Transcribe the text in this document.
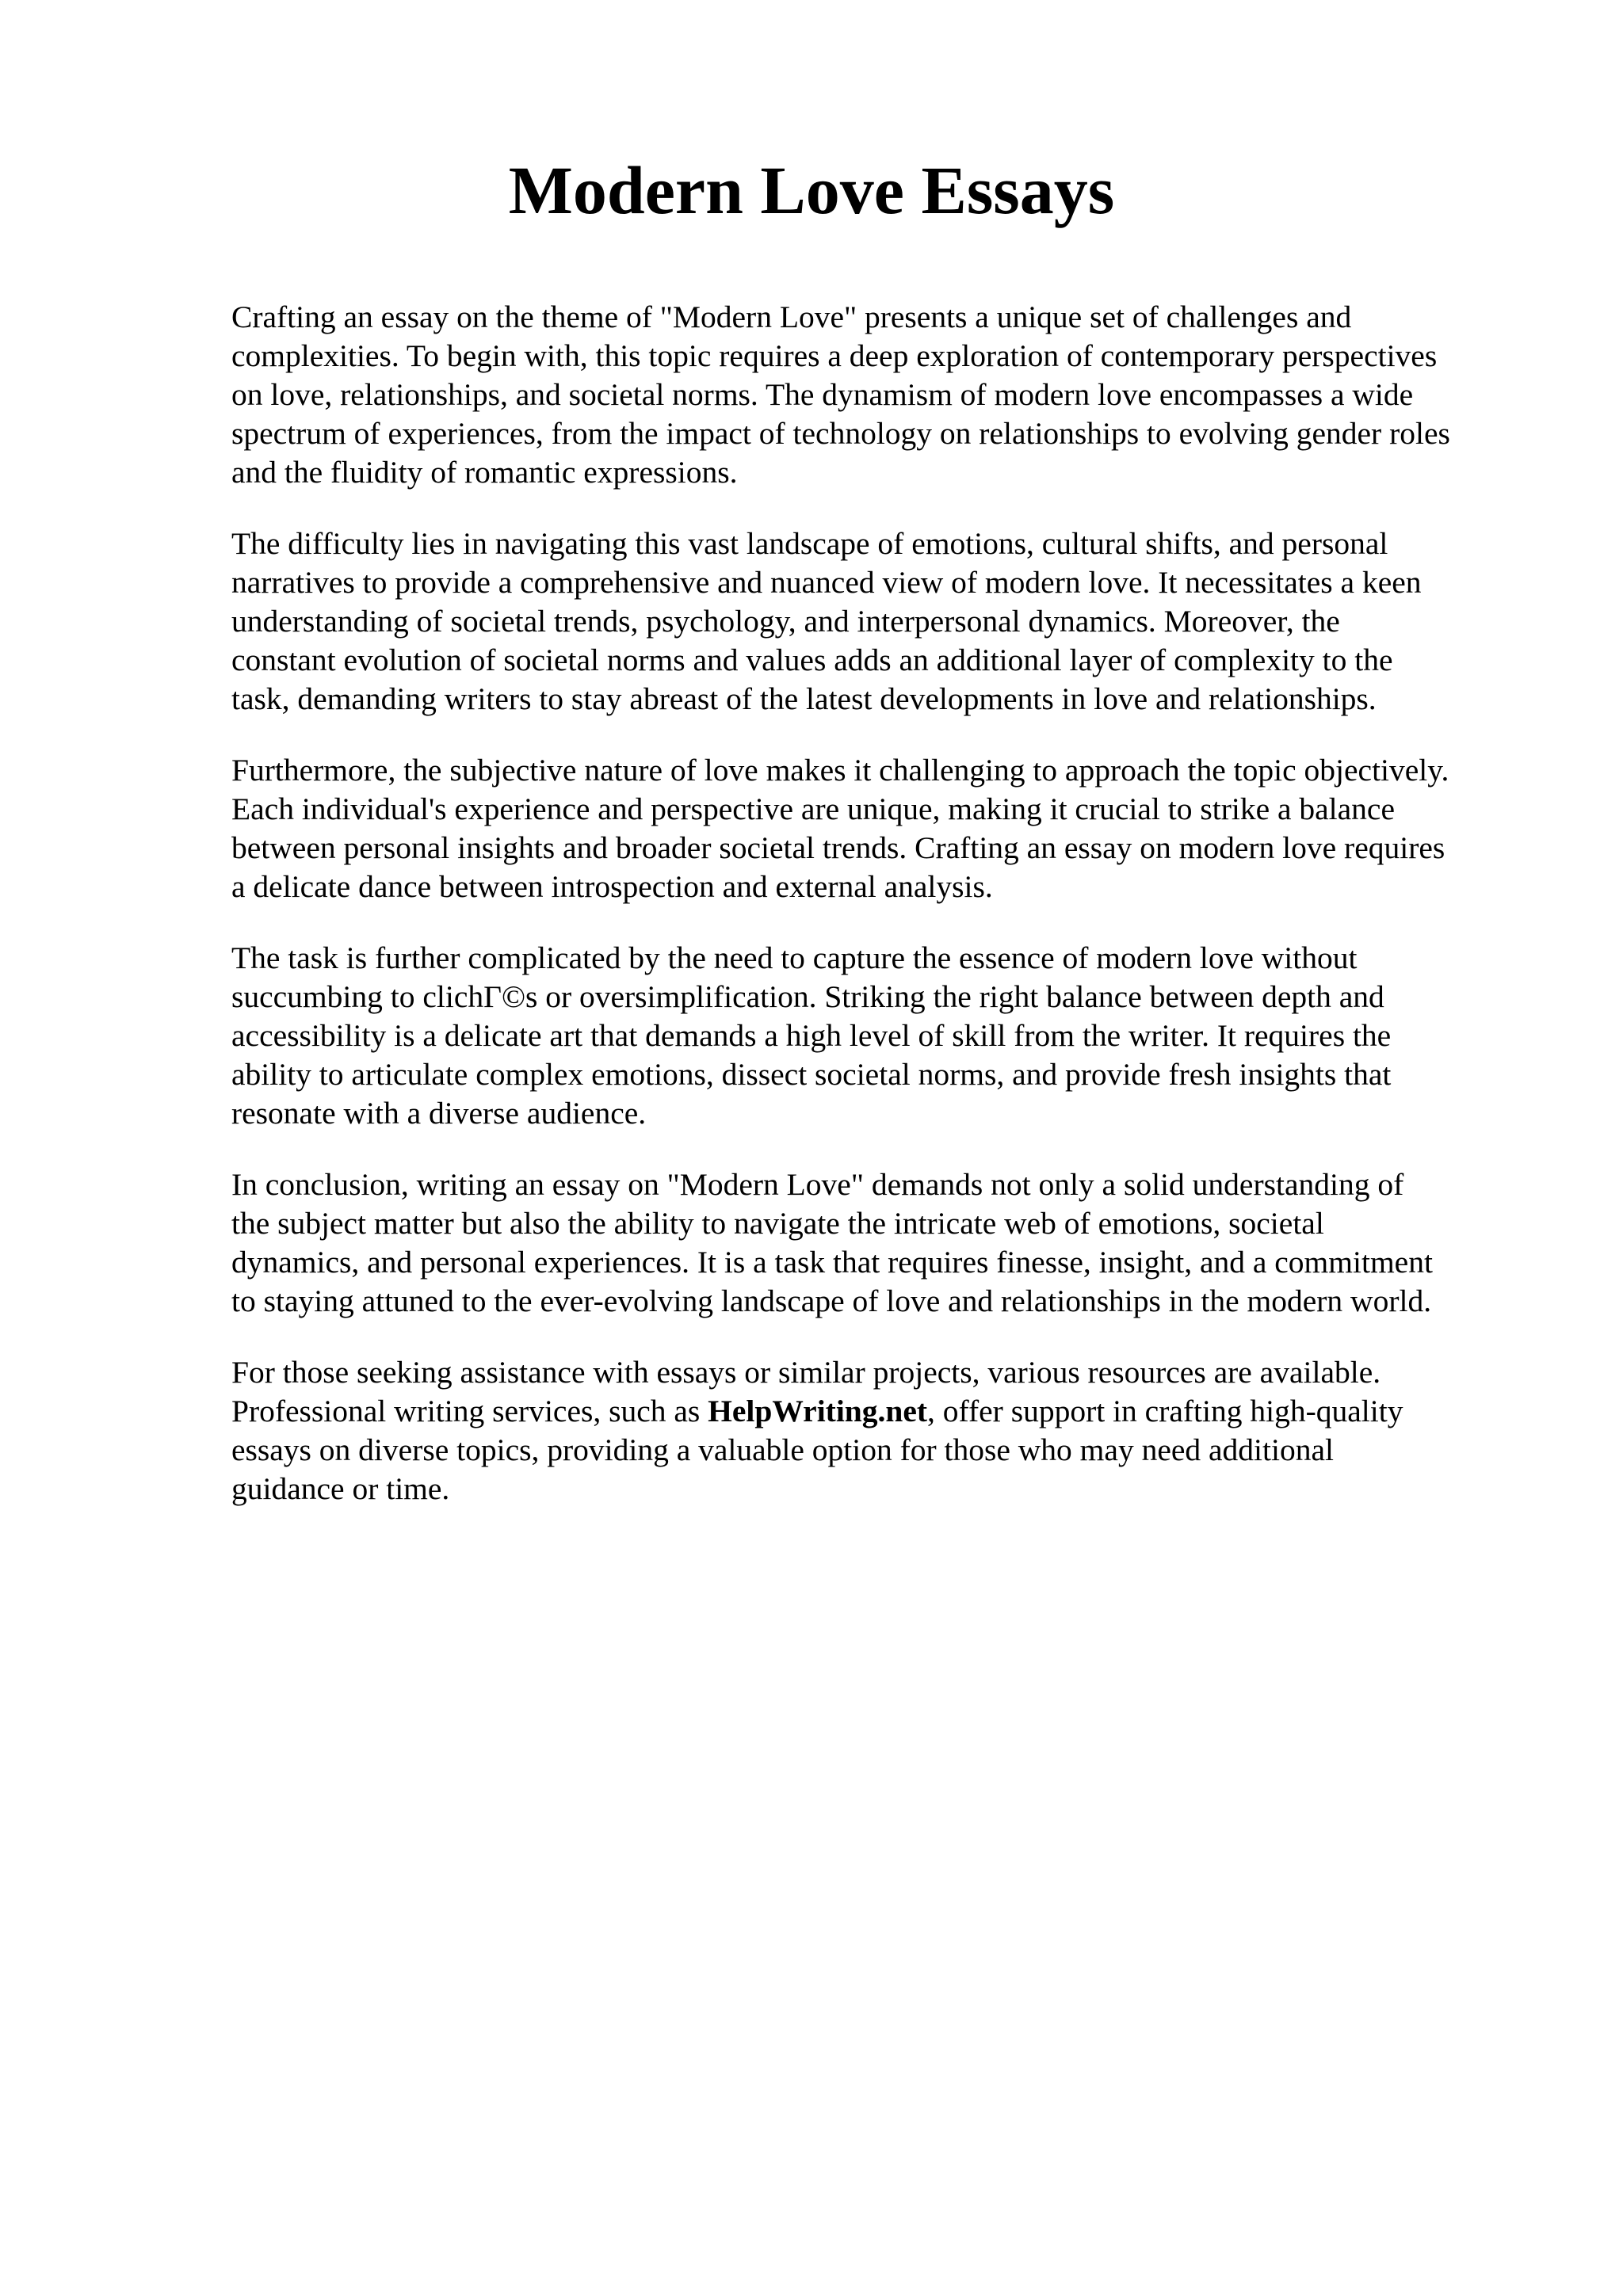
Modern Love Essays

Crafting an essay on the theme of "Modern Love" presents a unique set of challenges and
complexities. To begin with, this topic requires a deep exploration of contemporary perspectives
on love, relationships, and societal norms. The dynamism of modern love encompasses a wide
spectrum of experiences, from the impact of technology on relationships to evolving gender roles
and the fluidity of romantic expressions.

The difficulty lies in navigating this vast landscape of emotions, cultural shifts, and personal
narratives to provide a comprehensive and nuanced view of modern love. It necessitates a keen
understanding of societal trends, psychology, and interpersonal dynamics. Moreover, the
constant evolution of societal norms and values adds an additional layer of complexity to the
task, demanding writers to stay abreast of the latest developments in love and relationships.

Furthermore, the subjective nature of love makes it challenging to approach the topic objectively.
Each individual's experience and perspective are unique, making it crucial to strike a balance
between personal insights and broader societal trends. Crafting an essay on modern love requires
a delicate dance between introspection and external analysis.

The task is further complicated by the need to capture the essence of modern love without
succumbing to clichΓ©s or oversimplification. Striking the right balance between depth and
accessibility is a delicate art that demands a high level of skill from the writer. It requires the
ability to articulate complex emotions, dissect societal norms, and provide fresh insights that
resonate with a diverse audience.

In conclusion, writing an essay on "Modern Love" demands not only a solid understanding of
the subject matter but also the ability to navigate the intricate web of emotions, societal
dynamics, and personal experiences. It is a task that requires finesse, insight, and a commitment
to staying attuned to the ever-evolving landscape of love and relationships in the modern world.

For those seeking assistance with essays or similar projects, various resources are available.
Professional writing services, such as HelpWriting.net, offer support in crafting high-quality
essays on diverse topics, providing a valuable option for those who may need additional
guidance or time.
